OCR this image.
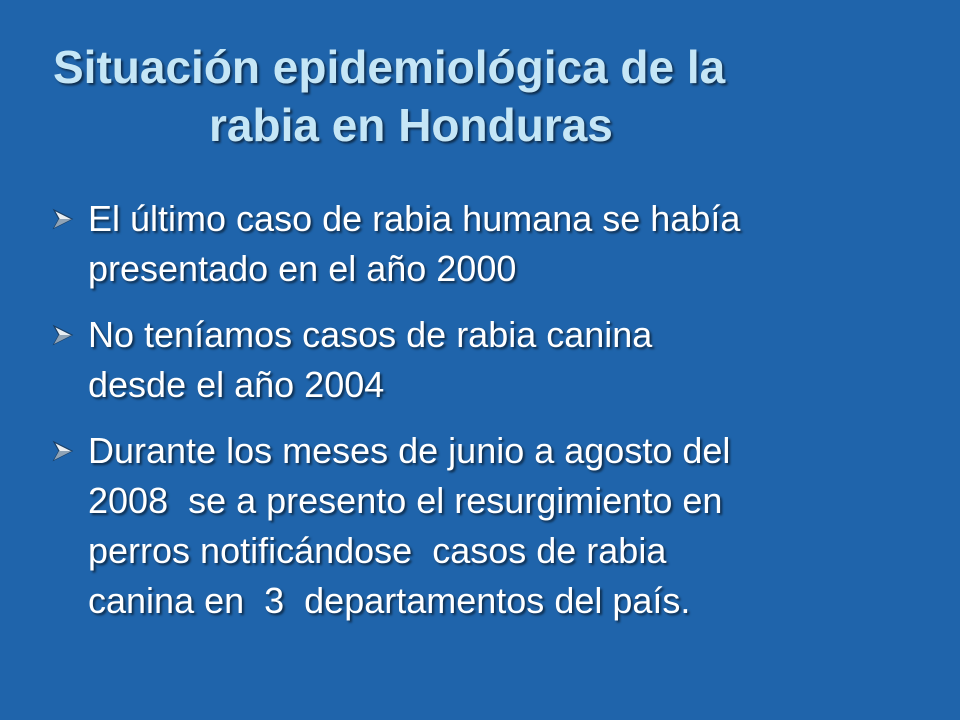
Situación epidemiológica de la
rabia en Honduras
El último caso de rabia humana se había
presentado en el año 2000
No teníamos casos de rabia canina
desde el año 2004
Durante los meses de junio a agosto del
2008  se a presento el resurgimiento en
perros notificándose  casos de rabia
canina en  3  departamentos del país.
